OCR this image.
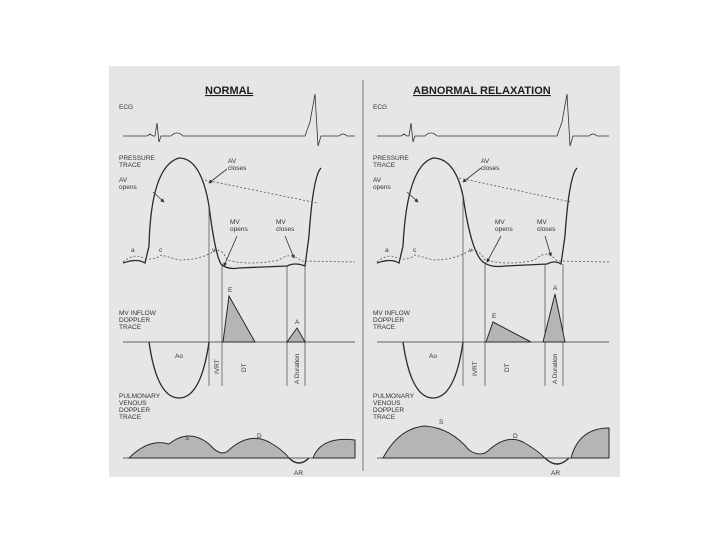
NORMAL
ECG
PRESSURE
TRACE
AV
opens
AV
closes
MV
opens
MV
closes
a	c	v
MV INFLOW
DOPPLER
TRACE
E
A
Ao
IVRT	DT	A Duration
PULMONARY
VENOUS
DOPPLER
TRACE
S	D
AR
ABNORMAL RELAXATION
ECG
PRESSURE
TRACE
AV
opens
AV
closes
MV
opens
MV
closes
a	c	v
MV INFLOW
DOPPLER
TRACE
E
A
Ao
IVRT	DT	A Duration
PULMONARY
VENOUS
DOPPLER
TRACE
S
D
AR
